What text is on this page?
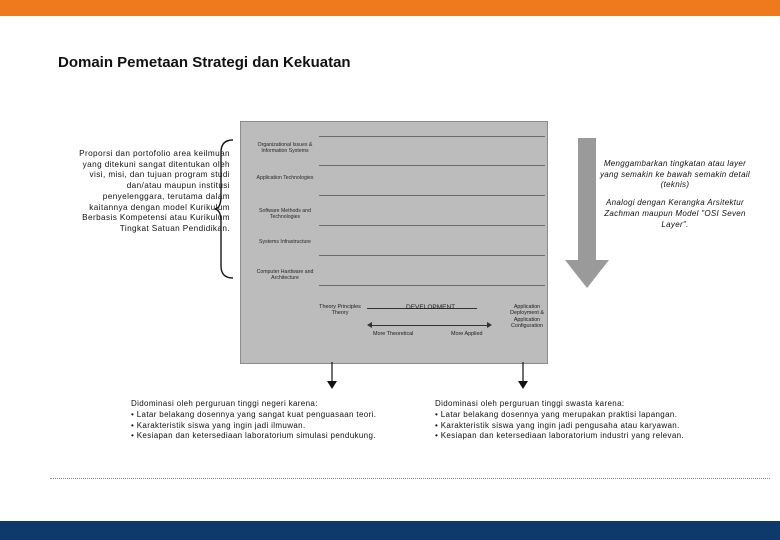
Domain Pemetaan Strategi dan Kekuatan
Proporsi dan portofolio area keilmuan yang ditekuni sangat ditentukan oleh visi, misi, dan tujuan program studi dan/atau maupun institusi penyelenggara, terutama dalam kaitannya dengan model Kurikulum Berbasis Kompetensi atau Kurikulum Tingkat Satuan Pendidikan.
Organizational Issues & Information Systems
Application Technologies
Software Methods and Technologies
Systems Infrastructure
Computer Hardware and Architecture
DEVELOPMENT
Theory Principles Theory
Application Deployment & Application Configuration
More Theoretical	More Applied

Menggambarkan tingkatan atau layer yang semakin ke bawah semakin detail (teknis)

Analogi dengan Kerangka Arsitektur Zachman maupun Model "OSI Seven Layer".

Didominasi oleh perguruan tinggi negeri karena:
• Latar belakang dosennya yang sangat kuat penguasaan teori.
• Karakteristik siswa yang ingin jadi ilmuwan.
• Kesiapan dan ketersediaan laboratorium simulasi pendukung.
Didominasi oleh perguruan tinggi swasta karena:
• Latar belakang dosennya yang merupakan praktisi lapangan.
• Karakteristik siswa yang ingin jadi pengusaha atau karyawan.
• Kesiapan dan ketersediaan laboratorium industri yang relevan.
